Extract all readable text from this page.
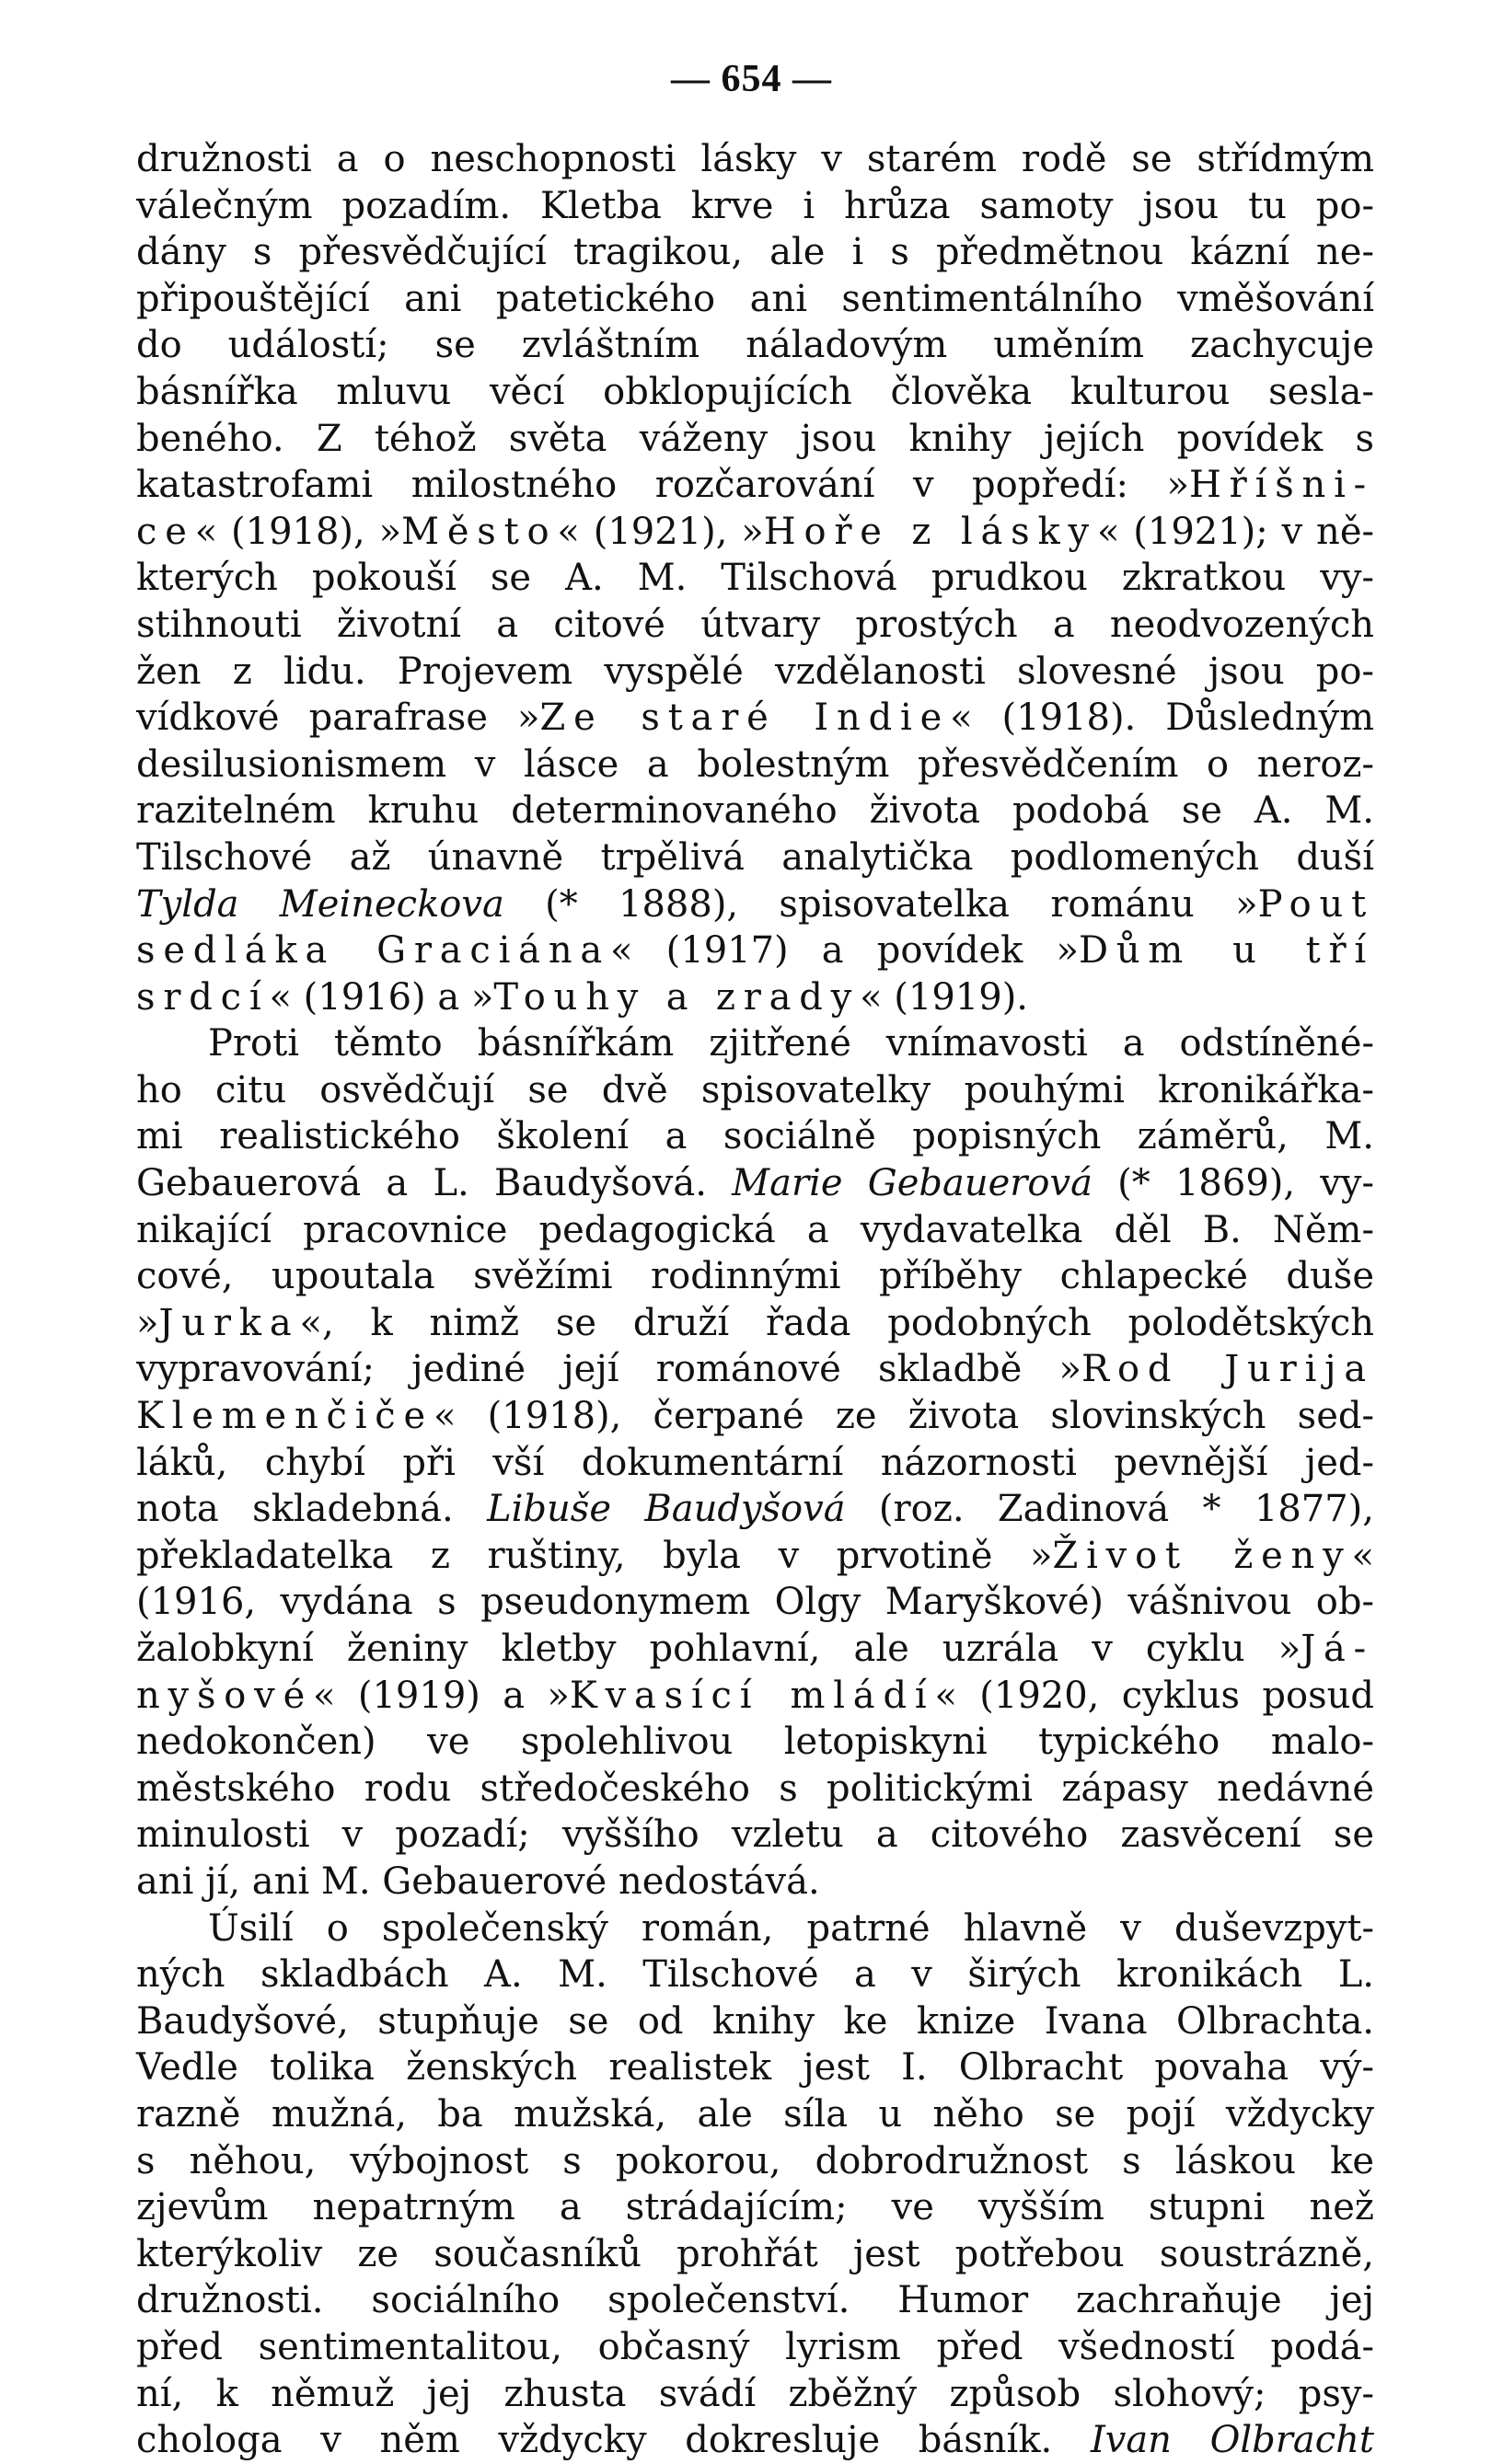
— 654 —
družnosti a o neschopnosti lásky v starém rodě se střídmým
válečným pozadím. Kletba krve i hrůza samoty jsou tu po-
dány s přesvědčující tragikou, ale i s předmětnou kázní ne-
připouštějící ani patetického ani sentimentálního vměšování
do událostí; se zvláštním náladovým uměním zachycuje
básnířka mluvu věcí obklopujících člověka kulturou sesla-
beného. Z téhož světa váženy jsou knihy jejích povídek s
katastrofami milostného rozčarování v popředí: »Hříšni-
ce« (1918), »Město« (1921), »Hoře z lásky« (1921); v ně-
kterých pokouší se A. M. Tilschová prudkou zkratkou vy-
stihnouti životní a citové útvary prostých a neodvozených
žen z lidu. Projevem vyspělé vzdělanosti slovesné jsou po-
vídkové parafrase »Ze staré Indie« (1918). Důsledným
desilusionismem v lásce a bolestným přesvědčením o neroz-
razitelném kruhu determinovaného života podobá se A. M.
Tilschové až únavně trpělivá analytička podlomených duší
Tylda Meineckova (* 1888), spisovatelka románu »Pout
sedláka Graciána« (1917) a povídek »Dům u tří
srdcí« (1916) a »Touhy a zrady« (1919).
Proti těmto básnířkám zjitřené vnímavosti a odstíněné-
ho citu osvědčují se dvě spisovatelky pouhými kronikářka-
mi realistického školení a sociálně popisných záměrů, M.
Gebauerová a L. Baudyšová. Marie Gebauerová (* 1869), vy-
nikající pracovnice pedagogická a vydavatelka děl B. Něm-
cové, upoutala svěžími rodinnými příběhy chlapecké duše
»Jurka«, k nimž se druží řada podobných polodětských
vypravování; jediné její románové skladbě »Rod Jurija
Klemenčiče« (1918), čerpané ze života slovinských sed-
láků, chybí při vší dokumentární názornosti pevnější jed-
nota skladebná. Libuše Baudyšová (roz. Zadinová * 1877),
překladatelka z ruštiny, byla v prvotině »Život ženy«
(1916, vydána s pseudonymem Olgy Maryškové) vášnivou ob-
žalobkyní ženiny kletby pohlavní, ale uzrála v cyklu »Já-
nyšové« (1919) a »Kvasící mládí« (1920, cyklus posud
nedokončen) ve spolehlivou letopiskyni typického malo-
městského rodu středočeského s politickými zápasy nedávné
minulosti v pozadí; vyššího vzletu a citového zasvěcení se
ani jí, ani M. Gebauerové nedostává.
Úsilí o společenský román, patrné hlavně v duševzpyt-
ných skladbách A. M. Tilschové a v širých kronikách L.
Baudyšové, stupňuje se od knihy ke knize Ivana Olbrachta.
Vedle tolika ženských realistek jest I. Olbracht povaha vý-
razně mužná, ba mužská, ale síla u něho se pojí vždycky
s něhou, výbojnost s pokorou, dobrodružnost s láskou ke
zjevům nepatrným a strádajícím; ve vyšším stupni než
kterýkoliv ze současníků prohřát jest potřebou soustrázně,
družnosti. sociálního společenství. Humor zachraňuje jej
před sentimentalitou, občasný lyrism před všedností podá-
ní, k němuž jej zhusta svádí zběžný způsob slohový; psy-
chologa v něm vždycky dokresluje básník. Ivan Olbracht
